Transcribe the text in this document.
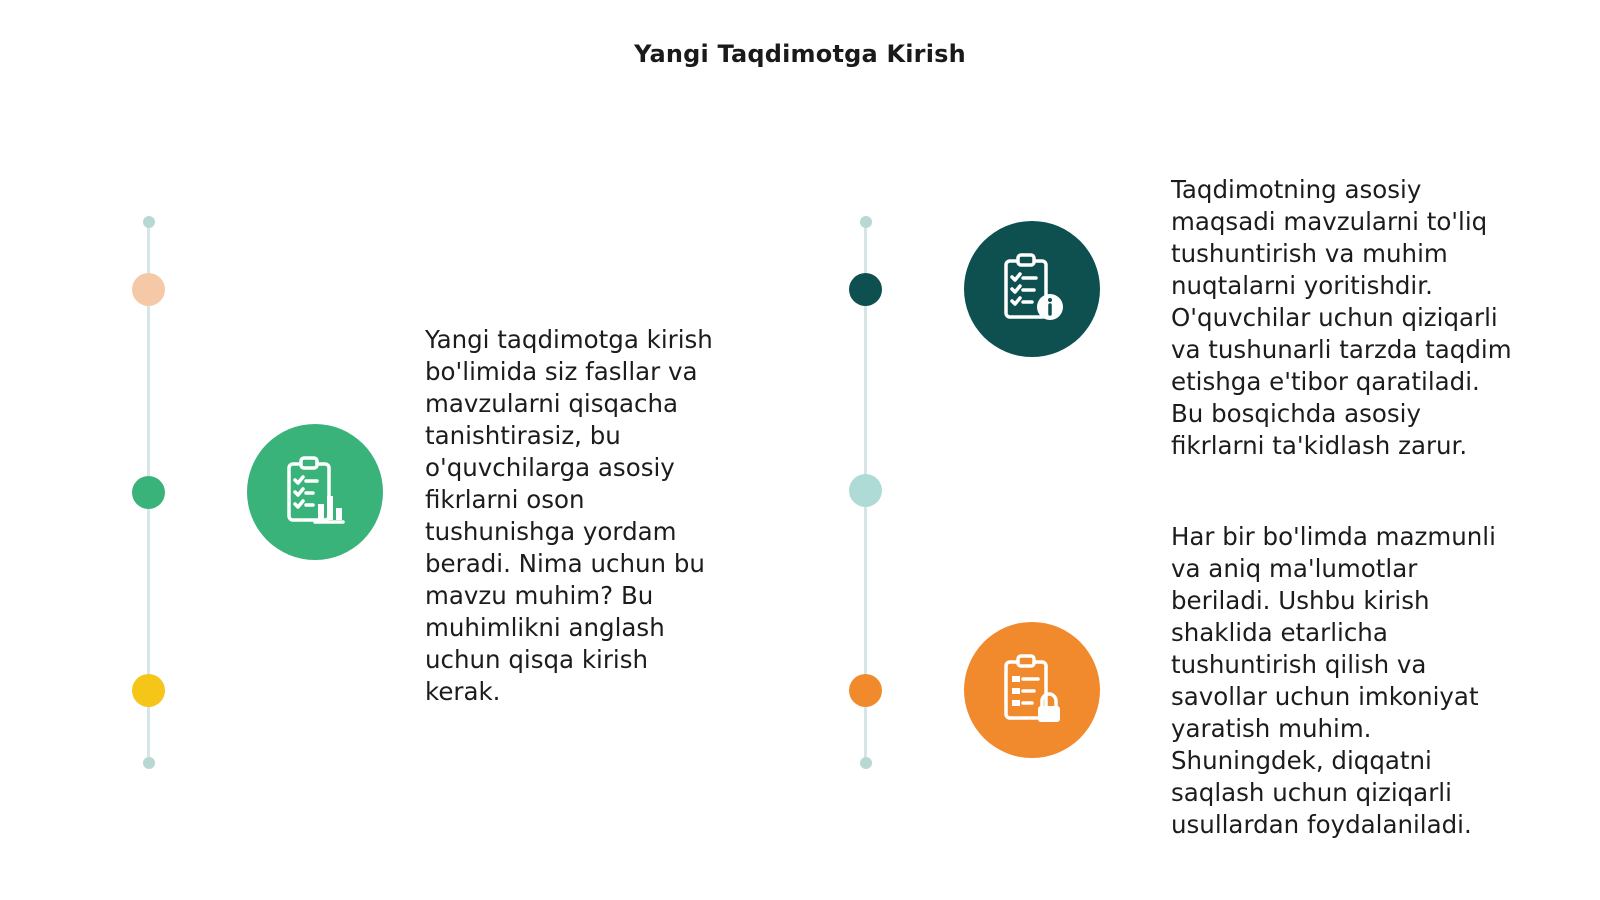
Yangi Taqdimotga Kirish

Yangi taqdimotga kirish
bo'limida siz fasllar va
mavzularni qisqacha
tanishtirasiz, bu
o'quvchilarga asosiy
fikrlarni oson
tushunishga yordam
beradi. Nima uchun bu
mavzu muhim? Bu
muhimlikni anglash
uchun qisqa kirish
kerak.

Taqdimotning asosiy
maqsadi mavzularni to'liq
tushuntirish va muhim
nuqtalarni yoritishdir.
O'quvchilar uchun qiziqarli
va tushunarli tarzda taqdim
etishga e'tibor qaratiladi.
Bu bosqichda asosiy
fikrlarni ta'kidlash zarur.

Har bir bo'limda mazmunli
va aniq ma'lumotlar
beriladi. Ushbu kirish
shaklida etarlicha
tushuntirish qilish va
savollar uchun imkoniyat
yaratish muhim.
Shuningdek, diqqatni
saqlash uchun qiziqarli
usullardan foydalaniladi.
